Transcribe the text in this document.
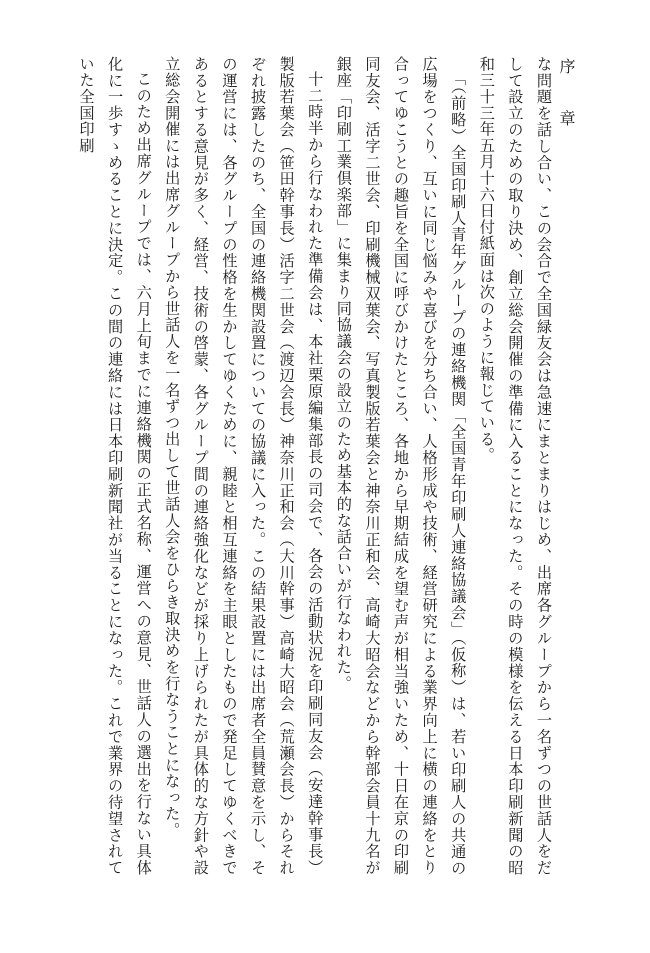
序　章

な問題を話し合い、この会合で全国緑友会は急速にまとまりはじめ、出席各グループから一名ずつの世話人をだして設立のための取り決め、創立総会開催の準備に入ることになった。その時の模様を伝える日本印刷新聞の昭和三十三年五月十六日付紙面は次のように報じている。

「（前略）全国印刷人青年グループの連絡機関「全国青年印刷人連絡協議会」（仮称）は、若い印刷人の共通の広場をつくり、互いに同じ悩みや喜びを分ち合い、人格形成や技術、経営研究による業界向上に横の連絡をとり合ってゆこうとの趣旨を全国に呼びかけたところ、各地から早期結成を望む声が相当強いため、十日在京の印刷同友会、活字二世会、印刷機械双葉会、写真製版若葉会と神奈川正和会、高崎大昭会などから幹部会員十九名が銀座「印刷工業倶楽部」に集まり同協議会の設立のため基本的な話合いが行なわれた。

十二時半から行なわれた準備会は、本社栗原編集部長の司会で、各会の活動状況を印刷同友会（安達幹事長）製版若葉会（笹田幹事長）活字二世会（渡辺会長）神奈川正和会（大川幹事）高崎大昭会（荒瀬会長）からそれぞれ披露したのち、全国の連絡機関設置についての協議に入った。この結果設置には出席者全員賛意を示し、その運営には、各グループの性格を生かしてゆくために、親睦と相互連絡を主眼としたもので発足してゆくべきであるとする意見が多く、経営、技術の啓蒙、各グループ間の連絡強化などが採り上げられたが具体的な方針や設立総会開催には出席グループから世話人を一名ずつ出して世話人会をひらき取決めを行なうことになった。

このため出席グループでは、六月上旬までに連絡機関の正式名称、運営への意見、世話人の選出を行ない具体化に一歩すゝめることに決定。この間の連絡には日本印刷新聞社が当ることになった。これで業界の待望されていた全国印刷
